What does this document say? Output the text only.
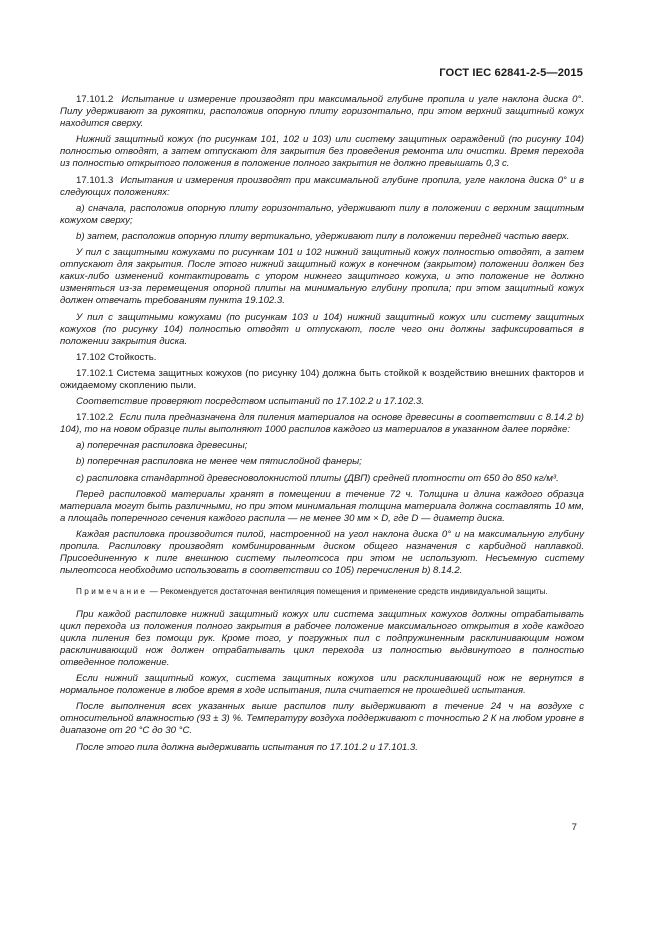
ГОСТ IEC 62841-2-5—2015

17.101.2 Испытание и измерение производят при максимальной глубине пропила и угле наклона диска 0°. Пилу удерживают за рукоятки, расположив опорную плиту горизонтально, при этом верхний защитный кожух находится сверху.

Нижний защитный кожух (по рисункам 101, 102 и 103) или систему защитных ограждений (по рисунку 104) полностью отводят, а затем отпускают для закрытия без проведения ремонта или очистки. Время перехода из полностью открытого положения в положение полного закрытия не должно превышать 0,3 с.

17.101.3 Испытания и измерения производят при максимальной глубине пропила, угле наклона диска 0° и в следующих положениях:

a) сначала, расположив опорную плиту горизонтально, удерживают пилу в положении с верхним защитным кожухом сверху;

b) затем, расположив опорную плиту вертикально, удерживают пилу в положении передней частью вверх.

У пил с защитными кожухами по рисункам 101 и 102 нижний защитный кожух полностью отводят, а затем отпускают для закрытия. После этого нижний защитный кожух в конечном (закрытом) положении должен без каких-либо изменений контактировать с упором нижнего защитного кожуха, и это положение не должно изменяться из-за перемещения опорной плиты на минимальную глубину пропила; при этом защитный кожух должен отвечать требованиям пункта 19.102.3.

У пил с защитными кожухами (по рисункам 103 и 104) нижний защитный кожух или систему защитных кожухов (по рисунку 104) полностью отводят и отпускают, после чего они должны зафиксироваться в положении закрытия диска.

17.102 Стойкость.

17.102.1 Система защитных кожухов (по рисунку 104) должна быть стойкой к воздействию внешних факторов и ожидаемому скоплению пыли.

Соответствие проверяют посредством испытаний по 17.102.2 и 17.102.3.

17.102.2 Если пила предназначена для пиления материалов на основе древесины в соответствии с 8.14.2 b) 104), то на новом образце пилы выполняют 1000 распилов каждого из материалов в указанном далее порядке:

a) поперечная распиловка древесины;

b) поперечная распиловка не менее чем пятислойной фанеры;

c) распиловка стандартной древесноволокнистой плиты (ДВП) средней плотности от 650 до 850 кг/м³.

Перед распиловкой материалы хранят в помещении в течение 72 ч. Толщина и длина каждого образца материала могут быть различными, но при этом минимальная толщина материала должна составлять 10 мм, а площадь поперечного сечения каждого распила — не менее 30 мм × D, где D — диаметр диска.

Каждая распиловка производится пилой, настроенной на угол наклона диска 0° и на максимальную глубину пропила. Распиловку производят комбинированным диском общего назначения с карбидной наплавкой. Присоединенную к пиле внешнюю систему пылеотсоса при этом не используют. Несъемную систему пылеотсоса необходимо использовать в соответствии со 105) перечисления b) 8.14.2.

Примечание — Рекомендуется достаточная вентиляция помещения и применение средств индивидуальной защиты.

При каждой распиловке нижний защитный кожух или система защитных кожухов должны отрабатывать цикл перехода из положения полного закрытия в рабочее положение максимального открытия в ходе каждого цикла пиления без помощи рук. Кроме того, у погружных пил с подпружиненным расклинивающим ножом расклинивающий нож должен отрабатывать цикл перехода из полностью выдвинутого в полностью отведенное положение.

Если нижний защитный кожух, система защитных кожухов или расклинивающий нож не вернутся в нормальное положение в любое время в ходе испытания, пила считается не прошедшей испытания.

После выполнения всех указанных выше распилов пилу выдерживают в течение 24 ч на воздухе с относительной влажностью (93 ± 3) %. Температуру воздуха поддерживают с точностью 2 К на любом уровне в диапазоне от 20 °С до 30 °С.

После этого пила должна выдерживать испытания по 17.101.2 и 17.101.3.

7
